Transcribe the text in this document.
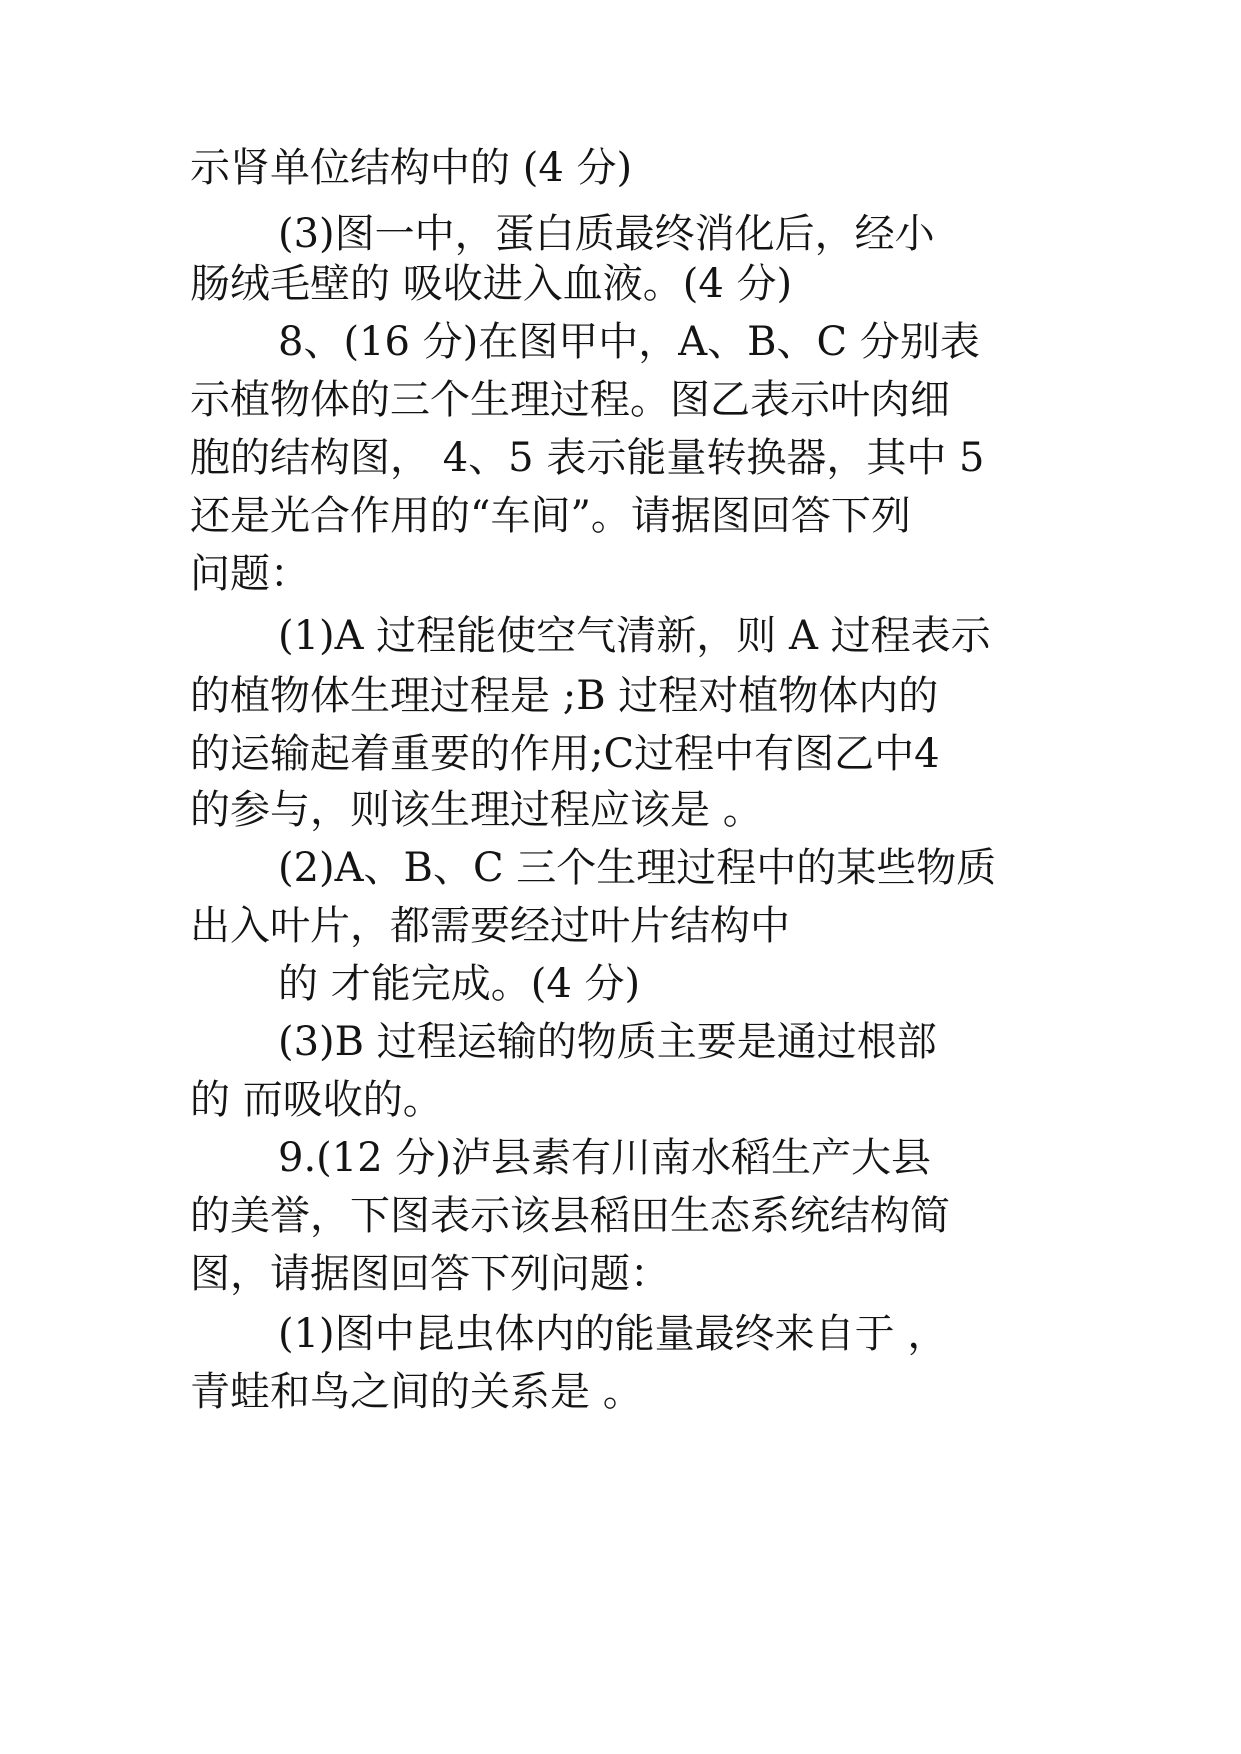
示肾单位结构中的 (4 分)
(3)图一中，蛋白质最终消化后，经小
肠绒毛壁的 吸收进入血液。(4 分)
8、(16 分)在图甲中，A、B、C 分别表
示植物体的三个生理过程。图乙表示叶肉细
胞的结构图， 4、5 表示能量转换器，其中 5
还是光合作用的“车间”。请据图回答下列
问题：
(1)A 过程能使空气清新，则 A 过程表示
的植物体生理过程是 ;B 过程对植物体内的
的运输起着重要的作用;C过程中有图乙中4
的参与，则该生理过程应该是 。
(2)A、B、C 三个生理过程中的某些物质
出入叶片，都需要经过叶片结构中
的 才能完成。(4 分)
(3)B 过程运输的物质主要是通过根部
的 而吸收的。
9.(12 分)泸县素有川南水稻生产大县
的美誉，下图表示该县稻田生态系统结构简
图，请据图回答下列问题：
(1)图中昆虫体内的能量最终来自于 ，
青蛙和鸟之间的关系是 。
